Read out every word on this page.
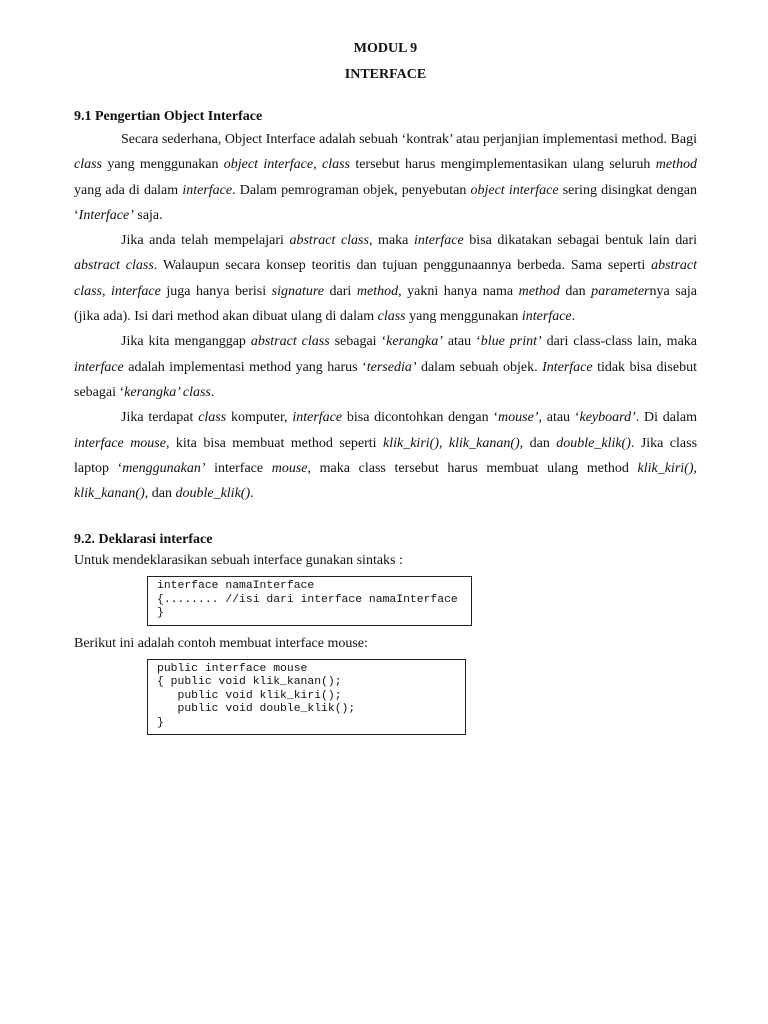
MODUL 9
INTERFACE
9.1 Pengertian Object Interface

Secara sederhana, Object Interface adalah sebuah ‘kontrak’ atau perjanjian implementasi method. Bagi class yang menggunakan object interface, class tersebut harus mengimplementasikan ulang seluruh method yang ada di dalam interface. Dalam pemrograman objek, penyebutan object interface sering disingkat dengan ‘Interface’ saja.

Jika anda telah mempelajari abstract class, maka interface bisa dikatakan sebagai bentuk lain dari abstract class. Walaupun secara konsep teoritis dan tujuan penggunaannya berbeda. Sama seperti abstract class, interface juga hanya berisi signature dari method, yakni hanya nama method dan parameternya saja (jika ada). Isi dari method akan dibuat ulang di dalam class yang menggunakan interface.

Jika kita menganggap abstract class sebagai ‘kerangka’ atau ‘blue print’ dari class-class lain, maka interface adalah implementasi method yang harus ‘tersedia’ dalam sebuah objek. Interface tidak bisa disebut sebagai ‘kerangka’ class.

Jika terdapat class komputer, interface bisa dicontohkan dengan ‘mouse’, atau ‘keyboard’. Di dalam interface mouse, kita bisa membuat method seperti klik_kiri(), klik_kanan(), dan double_klik(). Jika class laptop ‘menggunakan’ interface mouse, maka class tersebut harus membuat ulang method klik_kiri(), klik_kanan(), dan double_klik().

9.2. Deklarasi interface

Untuk mendeklarasikan sebuah interface gunakan sintaks :

interface namaInterface
{........ //isi dari interface namaInterface
}

Berikut ini adalah contoh membuat interface mouse:

public interface mouse
{ public void klik_kanan();
public void klik_kiri();
public void double_klik();
}
